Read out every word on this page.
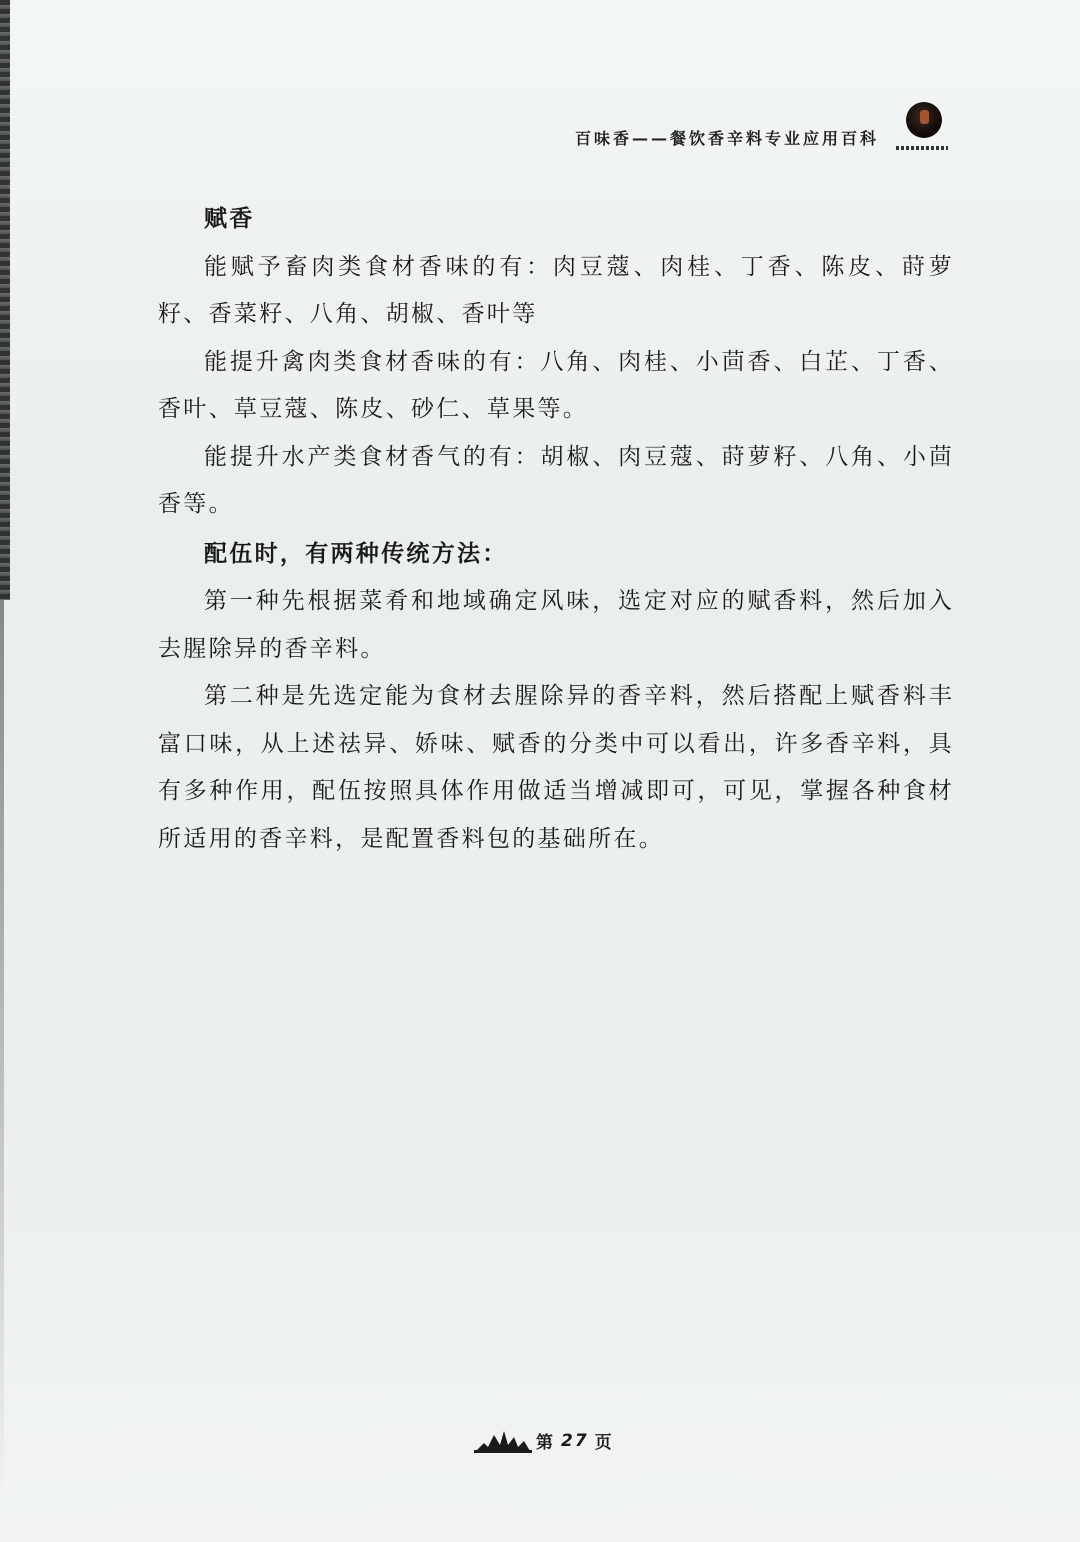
百味香——餐饮香辛料专业应用百科

赋香

能赋予畜肉类食材香味的有：肉豆蔻、肉桂、丁香、陈皮、莳萝籽、香菜籽、八角、胡椒、香叶等

能提升禽肉类食材香味的有：八角、肉桂、小茴香、白芷、丁香、香叶、草豆蔻、陈皮、砂仁、草果等。

能提升水产类食材香气的有：胡椒、肉豆蔻、莳萝籽、八角、小茴香等。

配伍时，有两种传统方法：

第一种先根据菜肴和地域确定风味，选定对应的赋香料，然后加入去腥除异的香辛料。

第二种是先选定能为食材去腥除异的香辛料，然后搭配上赋香料丰富口味，从上述祛异、娇味、赋香的分类中可以看出，许多香辛料，具有多种作用，配伍按照具体作用做适当增减即可，可见，掌握各种食材所适用的香辛料，是配置香料包的基础所在。

第 27 页
